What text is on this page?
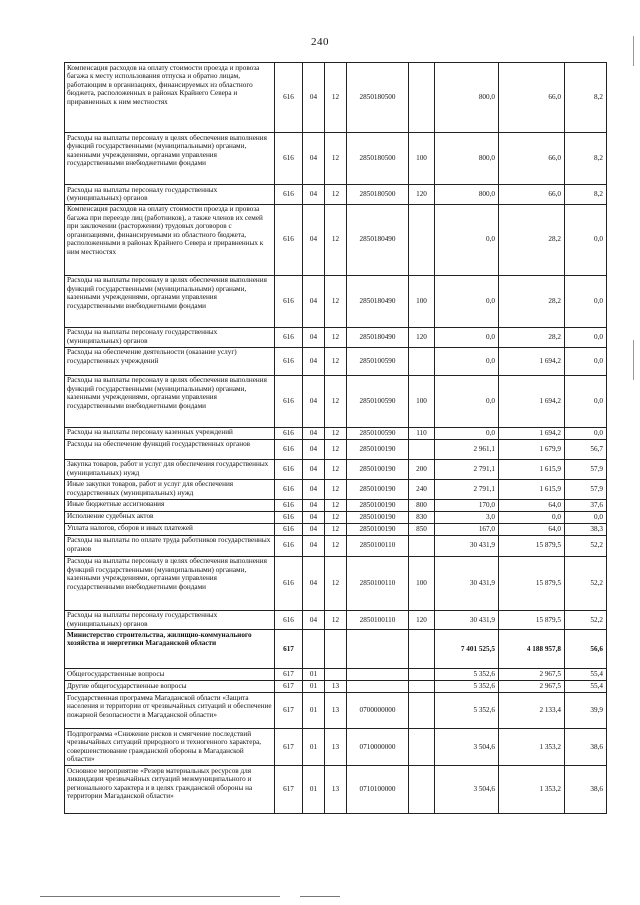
240
Компенсация расходов на оплату стоимости проезда и провоза багажа к месту использования отпуска и обратно лицам, работающим в организациях, финансируемых из областного бюджета, расположенных в районах Крайнего Севера и приравненных к ним местностях	616	04	12	2850180500		800,0	66,0	8,2
Расходы на выплаты персоналу в целях обеспечения выполнения функций государственными (муниципальными) органами, казенными учреждениями, органами управления государственными внебюджетными фондами	616	04	12	2850180500	100	800,0	66,0	8,2
Расходы на выплаты персоналу государственных (муниципальных) органов	616	04	12	2850180500	120	800,0	66,0	8,2
Компенсация расходов на оплату стоимости проезда и провоза багажа при переезде лиц (работников), а также членов их семей при заключении (расторжении) трудовых договоров с организациями, финансируемыми из областного бюджета, расположенными в районах Крайнего Севера и приравненных к ним местностях	616	04	12	2850180490		0,0	28,2	0,0
Расходы на выплаты персоналу в целях обеспечения выполнения функций государственными (муниципальными) органами, казенными учреждениями, органами управления государственными внебюджетными фондами	616	04	12	2850180490	100	0,0	28,2	0,0
Расходы на выплаты персоналу государственных (муниципальных) органов	616	04	12	2850180490	120	0,0	28,2	0,0
Расходы на обеспечение деятельности (оказание услуг) государственных учреждений	616	04	12	2850100590		0,0	1 694,2	0,0
Расходы на выплаты персоналу в целях обеспечения выполнения функций государственными (муниципальными) органами, казенными учреждениями, органами управления государственными внебюджетными фондами	616	04	12	2850100590	100	0,0	1 694,2	0,0
Расходы на выплаты персоналу казенных учреждений	616	04	12	2850100590	110	0,0	1 694,2	0,0
Расходы на обеспечение функций государственных органов	616	04	12	2850100190		2 961,1	1 679,9	56,7
Закупка товаров, работ и услуг для обеспечения государственных (муниципальных) нужд	616	04	12	2850100190	200	2 791,1	1 615,9	57,9
Иные закупки товаров, работ и услуг для обеспечения государственных (муниципальных) нужд	616	04	12	2850100190	240	2 791,1	1 615,9	57,9
Иные бюджетные ассигнования	616	04	12	2850100190	800	170,0	64,0	37,6
Исполнение судебных актов	616	04	12	2850100190	830	3,0	0,0	0,0
Уплата налогов, сборов и иных платежей	616	04	12	2850100190	850	167,0	64,0	38,3
Расходы на выплаты по оплате труда работников государственных органов	616	04	12	2850100110		30 431,9	15 879,5	52,2
Расходы на выплаты персоналу в целях обеспечения выполнения функций государственными (муниципальными) органами, казенными учреждениями, органами управления государственными внебюджетными фондами	616	04	12	2850100110	100	30 431,9	15 879,5	52,2
Расходы на выплаты персоналу государственных (муниципальных) органов	616	04	12	2850100110	120	30 431,9	15 879,5	52,2
Министерство строительства, жилищно-коммунального хозяйства и энергетики Магаданской области	617					7 401 525,5	4 188 957,8	56,6
Общегосударственные вопросы	617	01				5 352,6	2 967,5	55,4
Другие общегосударственные вопросы	617	01	13			5 352,6	2 967,5	55,4
Государственная программа Магаданской области «Защита населения и территории от чрезвычайных ситуаций и обеспечение пожарной безопасности в Магаданской области»	617	01	13	0700000000		5 352,6	2 133,4	39,9
Подпрограмма «Снижение рисков и смягчение последствий чрезвычайных ситуаций природного и техногенного характера, совершенствование гражданской обороны в Магаданской области»	617	01	13	0710000000		3 504,6	1 353,2	38,6
Основное мероприятие «Резерв материальных ресурсов для ликвидации чрезвычайных ситуаций межмуниципального и регионального характера и в целях гражданской обороны на территории Магаданской области»	617	01	13	0710100000		3 504,6	1 353,2	38,6
